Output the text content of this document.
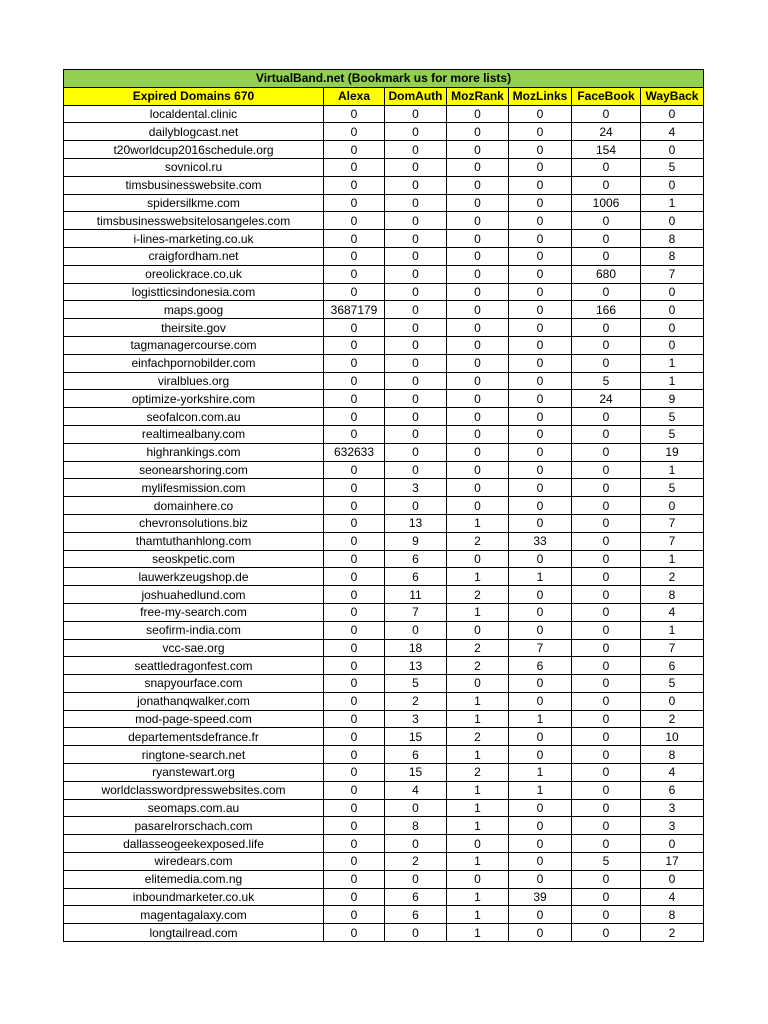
VirtualBand.net (Bookmark us for more lists)						
Expired Domains 670	Alexa	DomAuth	MozRank	MozLinks	FaceBook	WayBack
localdental.clinic	0	0	0	0	0	0
dailyblogcast.net	0	0	0	0	24	4
t20worldcup2016schedule.org	0	0	0	0	154	0
sovnicol.ru	0	0	0	0	0	5
timsbusinesswebsite.com	0	0	0	0	0	0
spidersilkme.com	0	0	0	0	1006	1
timsbusinesswebsitelosangeles.com	0	0	0	0	0	0
i-lines-marketing.co.uk	0	0	0	0	0	8
craigfordham.net	0	0	0	0	0	8
oreolickrace.co.uk	0	0	0	0	680	7
logistticsindonesia.com	0	0	0	0	0	0
maps.goog	3687179	0	0	0	166	0
theirsite.gov	0	0	0	0	0	0
tagmanagercourse.com	0	0	0	0	0	0
einfachpornobilder.com	0	0	0	0	0	1
viralblues.org	0	0	0	0	5	1
optimize-yorkshire.com	0	0	0	0	24	9
seofalcon.com.au	0	0	0	0	0	5
realtimealbany.com	0	0	0	0	0	5
highrankings.com	632633	0	0	0	0	19
seonearshoring.com	0	0	0	0	0	1
mylifesmission.com	0	3	0	0	0	5
domainhere.co	0	0	0	0	0	0
chevronsolutions.biz	0	13	1	0	0	7
thamtuthanhlong.com	0	9	2	33	0	7
seoskpetic.com	0	6	0	0	0	1
lauwerkzeugshop.de	0	6	1	1	0	2
joshuahedlund.com	0	11	2	0	0	8
free-my-search.com	0	7	1	0	0	4
seofirm-india.com	0	0	0	0	0	1
vcc-sae.org	0	18	2	7	0	7
seattledragonfest.com	0	13	2	6	0	6
snapyourface.com	0	5	0	0	0	5
jonathanqwalker.com	0	2	1	0	0	0
mod-page-speed.com	0	3	1	1	0	2
departementsdefrance.fr	0	15	2	0	0	10
ringtone-search.net	0	6	1	0	0	8
ryanstewart.org	0	15	2	1	0	4
worldclasswordpresswebsites.com	0	4	1	1	0	6
seomaps.com.au	0	0	1	0	0	3
pasarelrorschach.com	0	8	1	0	0	3
dallasseogeekexposed.life	0	0	0	0	0	0
wiredears.com	0	2	1	0	5	17
elitemedia.com.ng	0	0	0	0	0	0
inboundmarketer.co.uk	0	6	1	39	0	4
magentagalaxy.com	0	6	1	0	0	8
longtailread.com	0	0	1	0	0	2
